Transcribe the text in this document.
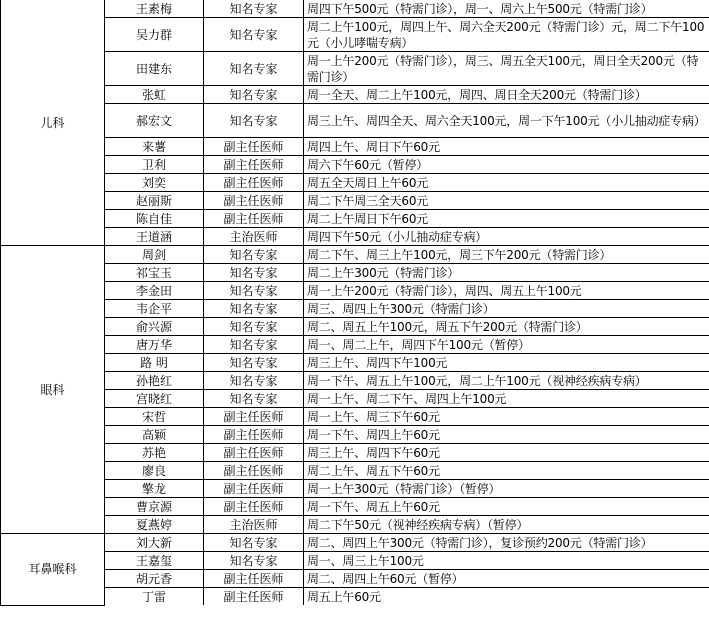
儿科	王素梅	知名专家	周四下午500元（特需门诊），周一、周六上午500元（特需门诊）
	吴力群	知名专家	周二上午100元，周四上午、周六全天200元（特需门诊）元，周二下午100元（小儿哮喘专病）
	田建东	知名专家	周一上午200元（特需门诊），周三、周五全天100元，周日全天200元（特需门诊）
	张虹	知名专家	周一全天、周二上午100元，周四、周日全天200元（特需门诊）
	郝宏文	知名专家	周三上午、周四全天、周六全天100元，周一下午100元（小儿抽动症专病）
	来薯	副主任医师	周四上午、周日下午60元
	卫利	副主任医师	周六下午60元（暂停）
	刘奕	副主任医师	周五全天周日上午60元
	赵丽斯	副主任医师	周二下午周三全天60元
	陈自佳	副主任医师	周二上午周日下午60元
	王道涵	主治医师	周四下午50元（小儿抽动症专病）
眼科	周剑	知名专家	周二下午、周三上午100元，周三下午200元（特需门诊）
	祁宝玉	知名专家	周二上午300元（特需门诊）
	李金田	知名专家	周一上午200元（特需门诊），周四、周五上午100元
	韦企平	知名专家	周三、周四上午300元（特需门诊）
	俞兴源	知名专家	周二、周五上午100元，周五下午200元（特需门诊）
	唐万华	知名专家	周一、周二上午，周四下午100元（暂停）
	路 明	知名专家	周三上午、周四下午100元
	孙艳红	知名专家	周一下午、周五上午100元，周二上午100元（视神经疾病专病）
	宫晓红	知名专家	周一上午、周二下午、周四上午100元
	宋哲	副主任医师	周一上午、周三下午60元
	高颖	副主任医师	周一下午、周四上午60元
	苏艳	副主任医师	周三上午、周四下午60元
	廖良	副主任医师	周二上午、周五下午60元
	擎龙	副主任医师	周一上午300元（特需门诊）（暂停）
	曹京源	副主任医师	周一下午、周五上午60元
	夏燕婷	主治医师	周二下午50元（视神经疾病专病）（暂停）
耳鼻喉科	刘大新	知名专家	周二、周四上午300元（特需门诊），复诊预约200元（特需门诊）
	王嘉玺	知名专家	周一、周三上午100元
	胡元香	副主任医师	周二、周四上午60元（暂停）
	丁雷	副主任医师	周五上午60元
